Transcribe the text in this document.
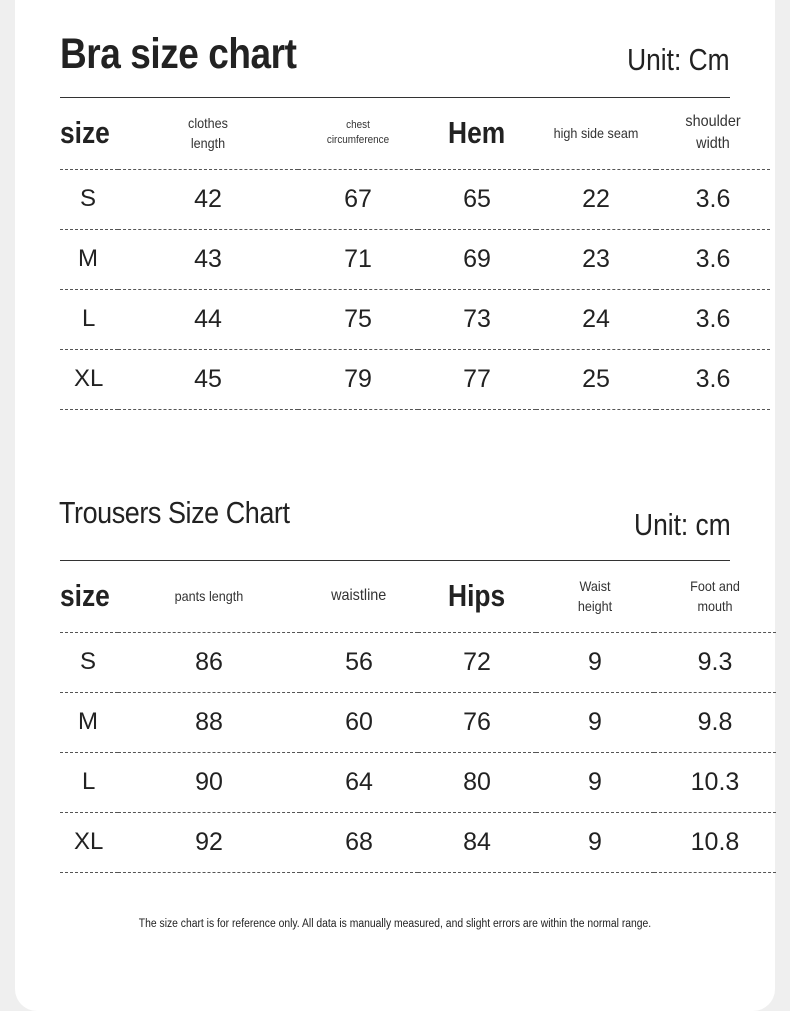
Bra size chart	Unit: Cm
size	clothes length	chest circumference	Hem	high side seam	shoulder width
S	42	67	65	22	3.6
M	43	71	69	23	3.6
L	44	75	73	24	3.6
XL	45	79	77	25	3.6
Trousers Size Chart	Unit: cm
size	pants length	waistline	Hips	Waist height	Foot and mouth
S	86	56	72	9	9.3
M	88	60	76	9	9.8
L	90	64	80	9	10.3
XL	92	68	84	9	10.8
The size chart is for reference only. All data is manually measured, and slight errors are within the normal range.
